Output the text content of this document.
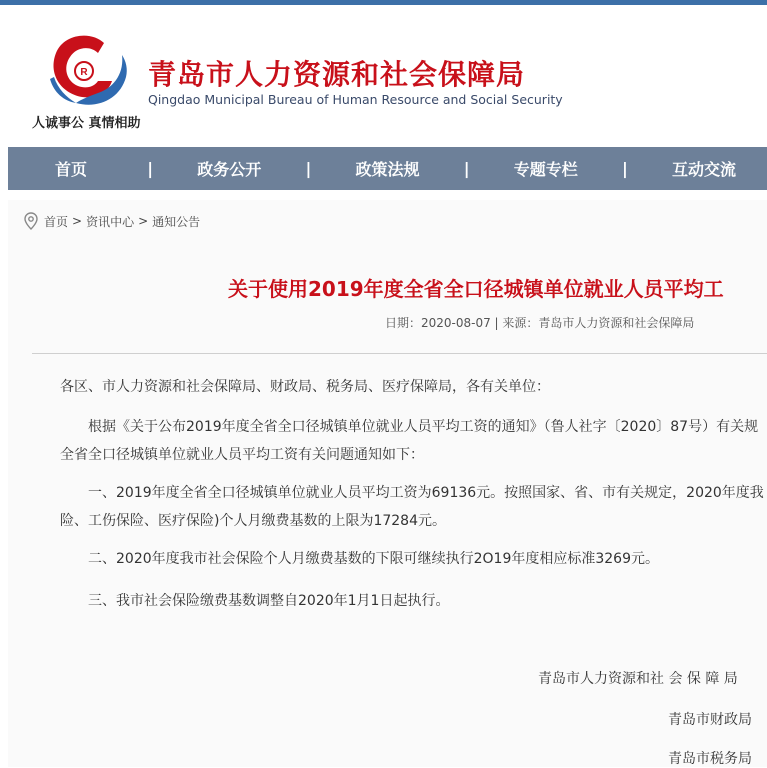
R
人诚事公 真情相助
青岛市人力资源和社会保障局
Qingdao Municipal Bureau of Human Resource and Social Security
首页	|	政务公开	|	政策法规	|	专题专栏	|	互动交流
首页 > 资讯中心 > 通知公告
关于使用2019年度全省全口径城镇单位就业人员平均工
日期：2020-08-07 | 来源：青岛市人力资源和社会保障局
各区、市人力资源和社会保障局、财政局、税务局、医疗保障局，各有关单位：
根据《关于公布2019年度全省全口径城镇单位就业人员平均工资的通知》（鲁人社字〔2020〕87号）有关规
全省全口径城镇单位就业人员平均工资有关问题通知如下：
一、2019年度全省全口径城镇单位就业人员平均工资为69136元。按照国家、省、市有关规定，2020年度我
险、工伤保险、医疗保险)个人月缴费基数的上限为17284元。
二、2020年度我市社会保险个人月缴费基数的下限可继续执行2O19年度相应标准3269元。
三、我市社会保险缴费基数调整自2020年1月1日起执行。
青岛市人力资源和社 会 保 障 局
青岛市财政局
青岛市税务局
